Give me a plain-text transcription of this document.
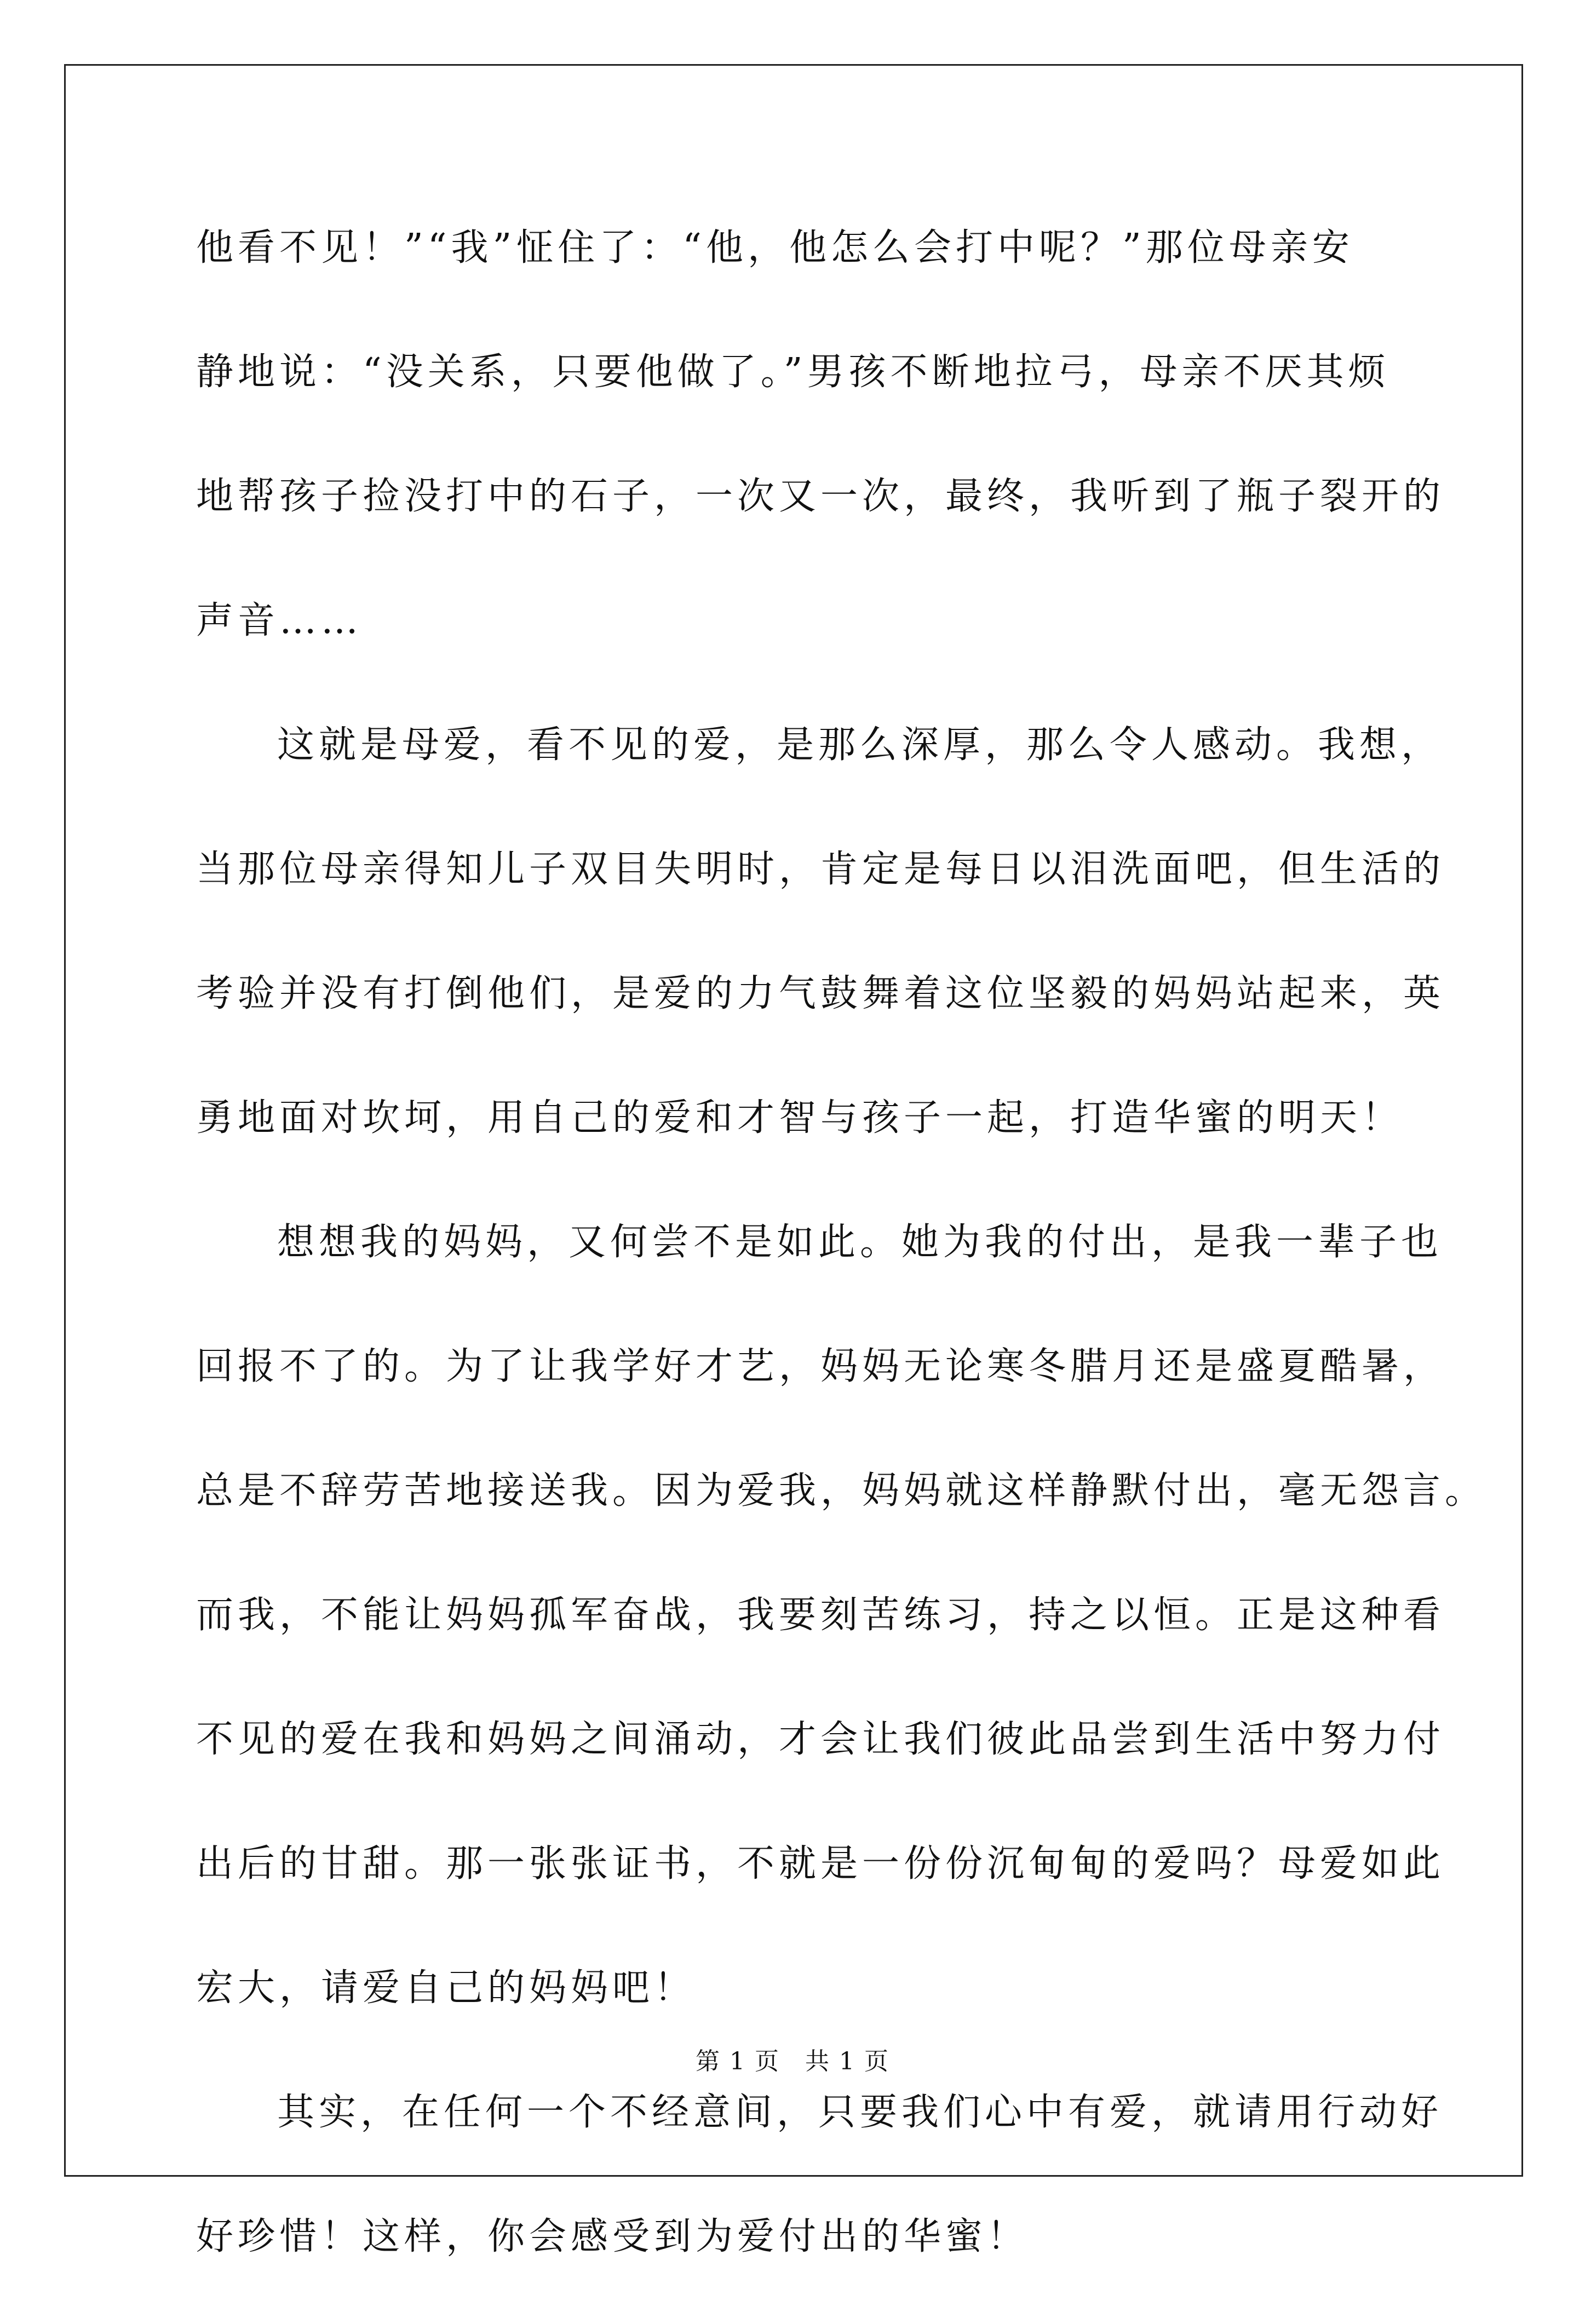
他看不见！”“我”怔住了：“他，他怎么会打中呢？”那位母亲安
静地说：“没关系，只要他做了。”男孩不断地拉弓，母亲不厌其烦
地帮孩子捡没打中的石子，一次又一次，最终，我听到了瓶子裂开的
声音……
这就是母爱，看不见的爱，是那么深厚，那么令人感动。我想，
当那位母亲得知儿子双目失明时，肯定是每日以泪洗面吧，但生活的
考验并没有打倒他们，是爱的力气鼓舞着这位坚毅的妈妈站起来，英
勇地面对坎坷，用自己的爱和才智与孩子一起，打造华蜜的明天！
想想我的妈妈，又何尝不是如此。她为我的付出，是我一辈子也
回报不了的。为了让我学好才艺，妈妈无论寒冬腊月还是盛夏酷暑，
总是不辞劳苦地接送我。因为爱我，妈妈就这样静默付出，毫无怨言。
而我，不能让妈妈孤军奋战，我要刻苦练习，持之以恒。正是这种看
不见的爱在我和妈妈之间涌动，才会让我们彼此品尝到生活中努力付
出后的甘甜。那一张张证书，不就是一份份沉甸甸的爱吗？母爱如此
宏大，请爱自己的妈妈吧！
其实，在任何一个不经意间，只要我们心中有爱，就请用行动好
好珍惜！这样，你会感受到为爱付出的华蜜！
第 1 页　共 1 页
